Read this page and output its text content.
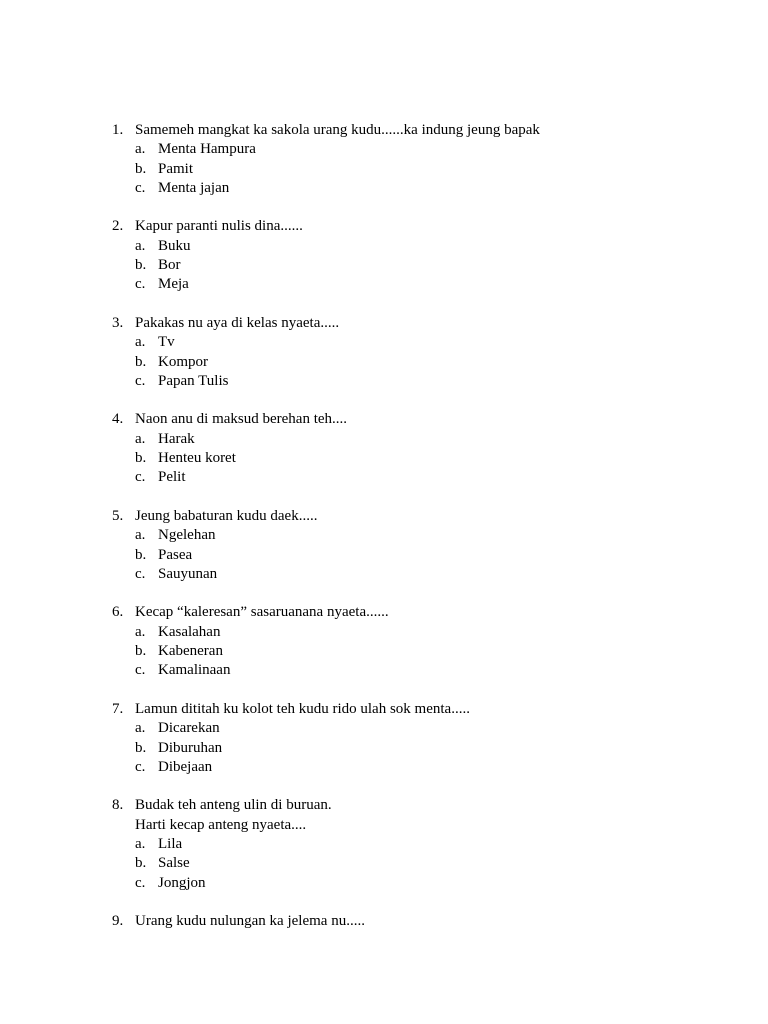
1. Samemeh mangkat ka sakola urang kudu......ka indung jeung bapak
a. Menta Hampura
b. Pamit
c. Menta jajan
2. Kapur paranti nulis dina......
a. Buku
b. Bor
c. Meja
3. Pakakas nu aya di kelas nyaeta.....
a. Tv
b. Kompor
c. Papan Tulis
4. Naon anu di maksud berehan teh....
a. Harak
b. Henteu koret
c. Pelit
5. Jeung babaturan kudu daek.....
a. Ngelehan
b. Pasea
c. Sauyunan
6. Kecap “kaleresan” sasaruanana nyaeta......
a. Kasalahan
b. Kabeneran
c. Kamalinaan
7. Lamun dititah ku kolot teh kudu rido ulah sok menta.....
a. Dicarekan
b. Diburuhan
c. Dibejaan
8. Budak teh anteng ulin di buruan.
Harti kecap anteng nyaeta....
a. Lila
b. Salse
c. Jongjon
9. Urang kudu nulungan ka jelema nu.....
